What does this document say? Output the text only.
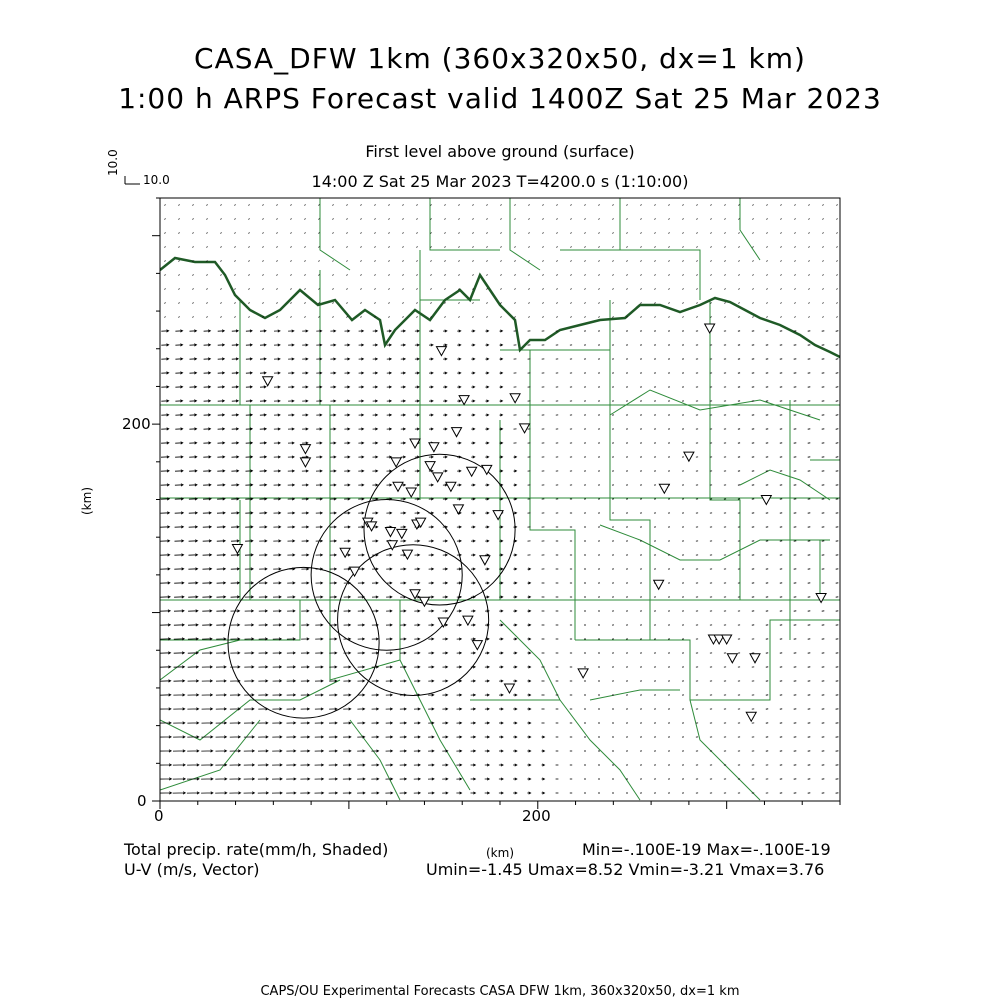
CASA_DFW 1km (360x320x50, dx=1 km)
1:00 h ARPS Forecast valid 1400Z Sat 25 Mar 2023
First level above ground (surface)
14:00 Z Sat 25 Mar 2023 T=4200.0 s (1:10:00)
10.0
10.0
200
0
0	200
(km)
(km)
Total precip. rate(mm/h, Shaded)
U-V (m/s, Vector)
Min=-.100E-19 Max=-.100E-19
Umin=-1.45 Umax=8.52 Vmin=-3.21 Vmax=3.76
CAPS/OU Experimental Forecasts CASA DFW 1km, 360x320x50, dx=1 km
